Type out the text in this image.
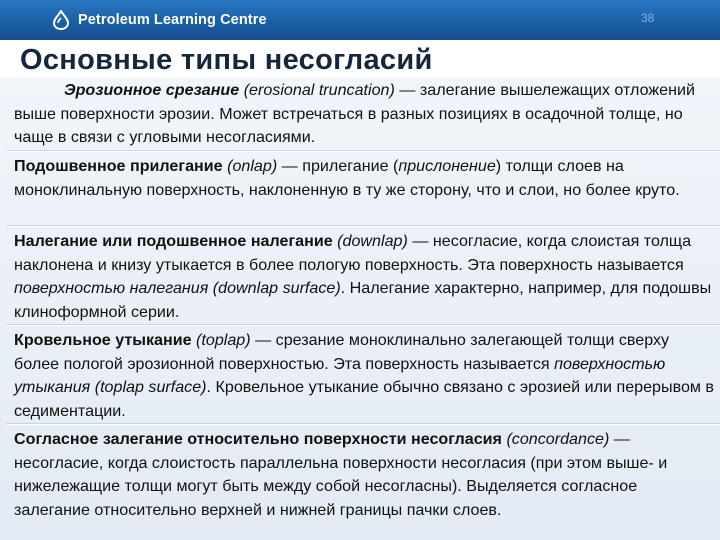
Petroleum Learning Centre	38
Основные типы несогласий
Эрозионное срезание (erosional truncation) — залегание вышележащих отложений выше поверхности эрозии. Может встречаться в разных позициях в осадочной толще, но чаще в связи с угловыми несогласиями.
Подошвенное прилегание (onlap) — прилегание (прислонение) толщи слоев на моноклинальную поверхность, наклоненную в ту же сторону, что и слои, но более круто.
Налегание или подошвенное налегание (downlap) — несогласие, когда слоистая толща наклонена и книзу утыкается в более пологую поверхность. Эта поверхность называется поверхностью налегания (downlap surface). Налегание характерно, например, для подошвы клиноформной серии.
Кровельное утыкание (toplap) — срезание моноклинально залегающей толщи сверху более пологой эрозионной поверхностью. Эта поверхность называется поверхностью утыкания (toplap surface). Кровельное утыкание обычно связано с эрозией или перерывом в седиментации.
Согласное залегание относительно поверхности несогласия (concordance) — несогласие, когда слоистость параллельна поверхности несогласия (при этом выше- и нижележащие толщи могут быть между собой несогласны). Выделяется согласное залегание относительно верхней и нижней границы пачки слоев.
